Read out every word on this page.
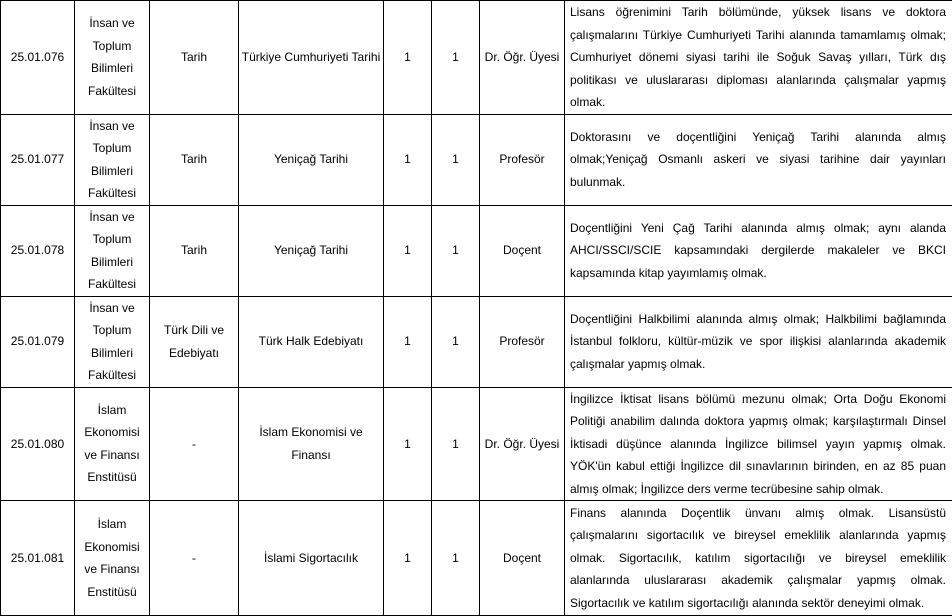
25.01.076	İnsan ve Toplum Bilimleri Fakültesi	Tarih	Türkiye Cumhuriyeti Tarihi	1	1	Dr. Öğr. Üyesi	Lisans öğrenimini Tarih bölümünde, yüksek lisans ve doktora çalışmalarını Türkiye Cumhuriyeti Tarihi alanında tamamlamış olmak; Cumhuriyet dönemi siyasi tarihi ile Soğuk Savaş yılları, Türk dış politikası ve uluslararası diploması alanlarında çalışmalar yapmış olmak.
25.01.077	İnsan ve Toplum Bilimleri Fakültesi	Tarih	Yeniçağ Tarihi	1	1	Profesör	Doktorasını ve doçentliğini Yeniçağ Tarihi alanında almış olmak;Yeniçağ Osmanlı askeri ve siyasi tarihine dair yayınları bulunmak.
25.01.078	İnsan ve Toplum Bilimleri Fakültesi	Tarih	Yeniçağ Tarihi	1	1	Doçent	Doçentliğini Yeni Çağ Tarihi alanında almış olmak; aynı alanda AHCI/SSCI/SCIE kapsamındaki dergilerde makaleler ve BKCI kapsamında kitap yayımlamış olmak.
25.01.079	İnsan ve Toplum Bilimleri Fakültesi	Türk Dili ve Edebiyatı	Türk Halk Edebiyatı	1	1	Profesör	Doçentliğini Halkbilimi alanında almış olmak; Halkbilimi bağlamında İstanbul folkloru, kültür-müzik ve spor ilişkisi alanlarında akademik çalışmalar yapmış olmak.
25.01.080	İslam Ekonomisi ve Finansı Enstitüsü	-	İslam Ekonomisi ve Finansı	1	1	Dr. Öğr. Üyesi	İngilizce İktisat lisans bölümü mezunu olmak; Orta Doğu Ekonomi Politiği anabilim dalında doktora yapmış olmak; karşılaştırmalı Dinsel İktisadi düşünce alanında İngilizce bilimsel yayın yapmış olmak. YÖK'ün kabul ettiği İngilizce dil sınavlarının birinden, en az 85 puan almış olmak; İngilizce ders verme tecrübesine sahip olmak.
25.01.081	İslam Ekonomisi ve Finansı Enstitüsü	-	İslami Sigortacılık	1	1	Doçent	Finans alanında Doçentlik ünvanı almış olmak. Lisansüstü çalışmalarını sigortacılık ve bireysel emeklilik alanlarında yapmış olmak. Sigortacılık, katılım sigortacılığı ve bireysel emeklilik alanlarında uluslararası akademik çalışmalar yapmış olmak. Sigortacılık ve katılım sigortacılığı alanında sektör deneyimi olmak.
